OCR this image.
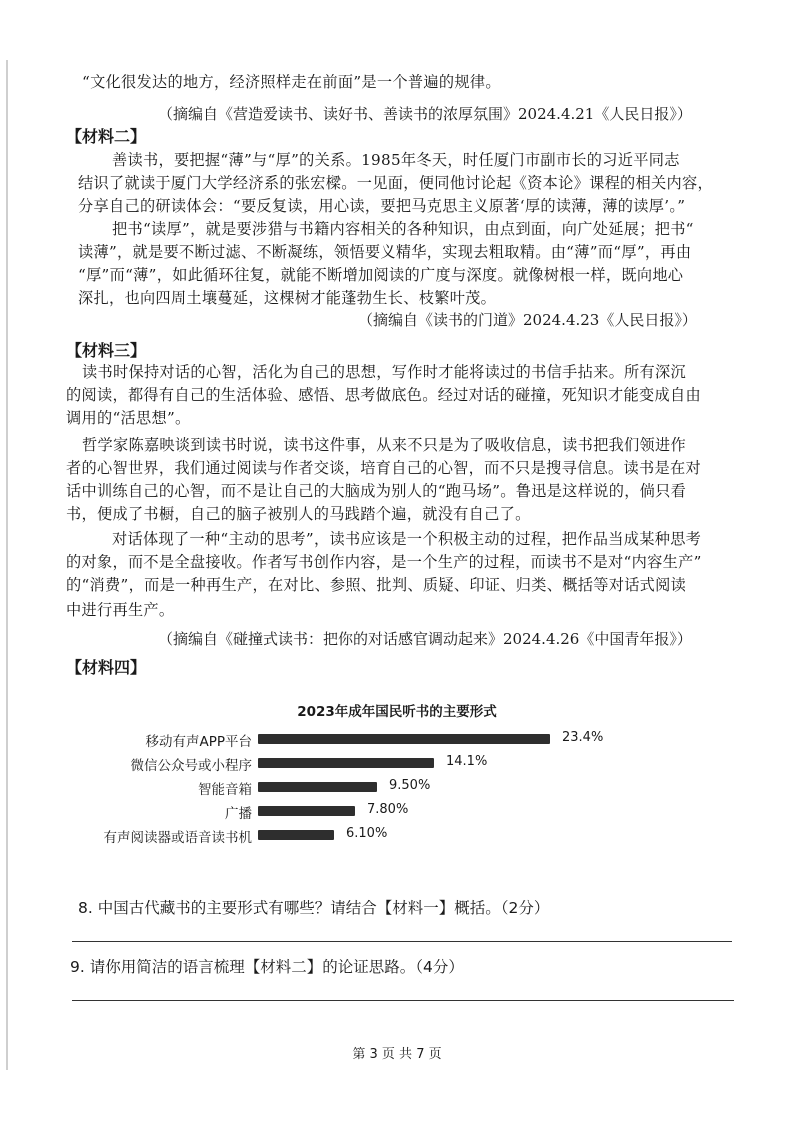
“文化很发达的地方，经济照样走在前面”是一个普遍的规律。
（摘编自《营造爱读书、读好书、善读书的浓厚氛围》2024.4.21《人民日报》）
【材料二】
善读书，要把握“薄”与“厚”的关系。1985年冬天，时任厦门市副市长的习近平同志
结识了就读于厦门大学经济系的张宏樑。一见面，便同他讨论起《资本论》课程的相关内容，
分享自己的研读体会：“要反复读，用心读，要把马克思主义原著‘厚的读薄，薄的读厚’。”
把书“读厚”，就是要涉猎与书籍内容相关的各种知识，由点到面，向广处延展；把书“
读薄”，就是要不断过滤、不断凝练，领悟要义精华，实现去粗取精。由“薄”而“厚”，再由
“厚”而“薄”，如此循环往复，就能不断增加阅读的广度与深度。就像树根一样，既向地心
深扎，也向四周土壤蔓延，这棵树才能蓬勃生长、枝繁叶茂。
（摘编自《读书的门道》2024.4.23《人民日报》）
【材料三】
读书时保持对话的心智，活化为自己的思想，写作时才能将读过的书信手拈来。所有深沉
的阅读，都得有自己的生活体验、感悟、思考做底色。经过对话的碰撞，死知识才能变成自由
调用的“活思想”。
哲学家陈嘉映谈到读书时说，读书这件事，从来不只是为了吸收信息，读书把我们领进作
者的心智世界，我们通过阅读与作者交谈，培育自己的心智，而不只是搜寻信息。读书是在对
话中训练自己的心智，而不是让自己的大脑成为别人的“跑马场”。鲁迅是这样说的，倘只看
书，便成了书橱，自己的脑子被别人的马践踏个遍，就没有自己了。
对话体现了一种“主动的思考”，读书应该是一个积极主动的过程，把作品当成某种思考
的对象，而不是全盘接收。作者写书创作内容，是一个生产的过程，而读书不是对“内容生产”
的“消费”，而是一种再生产，在对比、参照、批判、质疑、印证、归类、概括等对话式阅读
中进行再生产。
（摘编自《碰撞式读书：把你的对话感官调动起来》2024.4.26《中国青年报》）
【材料四】
2023年成年国民听书的主要形式
移动有声APP平台	23.4%
微信公众号或小程序	14.1%
智能音箱	9.50%
广播	7.80%
有声阅读器或语音读书机	6.10%
8. 中国古代藏书的主要形式有哪些？请结合【材料一】概括。（2分）
9. 请你用简洁的语言梳理【材料二】的论证思路。（4分）
第 3 页 共 7 页
